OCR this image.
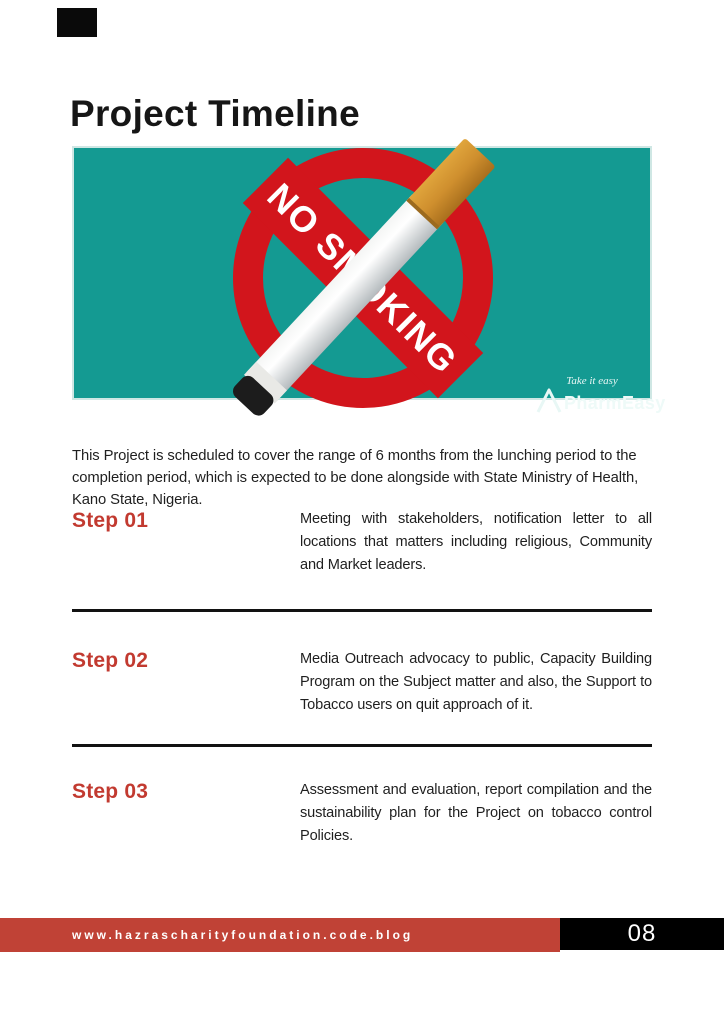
Project Timeline
NO SMOKING	Take it easy
PharmEasy

This Project is scheduled to cover the range of 6 months from the lunching period to the completion period, which is expected to be done alongside with State Ministry of Health, Kano State, Nigeria.

Step 01	Meeting with stakeholders, notification letter to all locations that matters including religious, Community and Market leaders.
Step 02	Media Outreach advocacy to public, Capacity Building Program on the Subject matter and also, the Support to Tobacco users on quit approach of it.
Step 03	Assessment and evaluation, report compilation and the sustainability plan for the Project on tobacco control Policies.
www.hazrascharityfoundation.code.blog	08
